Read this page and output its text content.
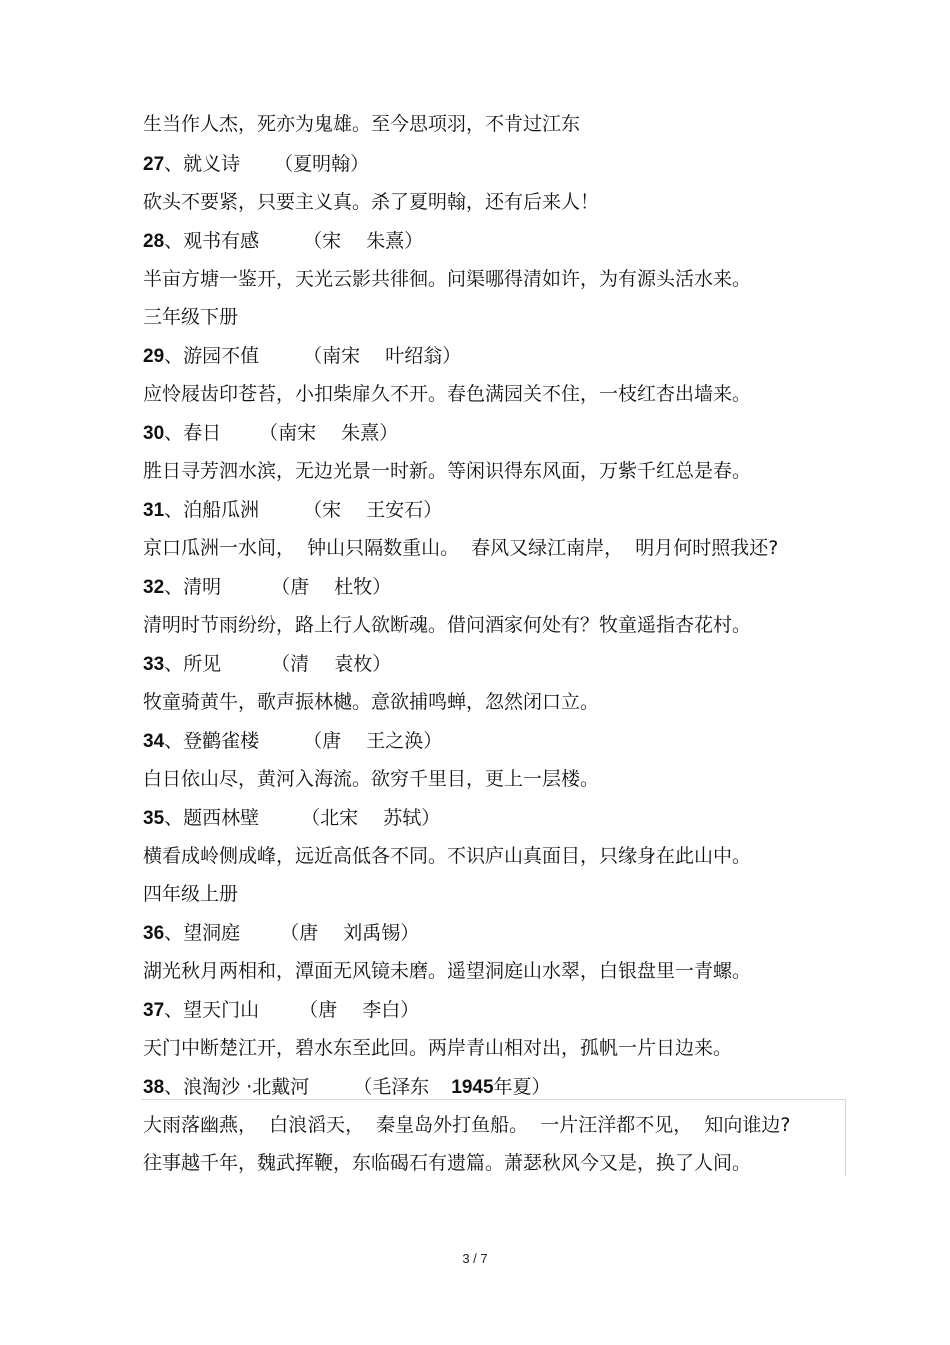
生当作人杰，死亦为鬼雄。至今思项羽，不肯过江东
27、就义诗 （夏明翰）
砍头不要紧，只要主义真。杀了夏明翰，还有后来人！
28、观书有感 （宋　 朱熹）
半亩方塘一鉴开，天光云影共徘徊。问渠哪得清如许，为有源头活水来。
三年级下册
29、游园不值 （南宋　 叶绍翁）
应怜屐齿印苍苔，小扣柴扉久不开。春色满园关不住，一枝红杏出墙来。
30、春日 （南宋　 朱熹）
胜日寻芳泗水滨，无边光景一时新。等闲识得东风面，万紫千红总是春。
31、泊船瓜洲 （宋　 王安石）
京口瓜洲一水间，  钟山只隔数重山。  春风又绿江南岸，  明月何时照我还?
32、清明	（唐　 杜牧）
清明时节雨纷纷，路上行人欲断魂。借问酒家何处有？牧童遥指杏花村。
33、所见	（清　 袁枚）
牧童骑黄牛，歌声振林樾。意欲捕鸣蝉，忽然闭口立。
34、登鹳雀楼 （唐　 王之涣）
白日依山尽，黄河入海流。欲穷千里目，更上一层楼。
35、题西林壁 （北宋　 苏轼）
横看成岭侧成峰，远近高低各不同。不识庐山真面目，只缘身在此山中。
四年级上册
36、望洞庭 （唐　 刘禹锡）
湖光秋月两相和，潭面无风镜未磨。遥望洞庭山水翠，白银盘里一青螺。
37、望天门山 （唐　 李白）
天门中断楚江开，碧水东至此回。两岸青山相对出，孤帆一片日边来。
38、浪淘沙 ·北戴河 （毛泽东 1945年夏）
大雨落幽燕，  白浪滔天，  秦皇岛外打鱼船。  一片汪洋都不见，  知向谁边?
往事越千年，魏武挥鞭，东临碣石有遗篇。萧瑟秋风今又是，换了人间。
3 / 7
